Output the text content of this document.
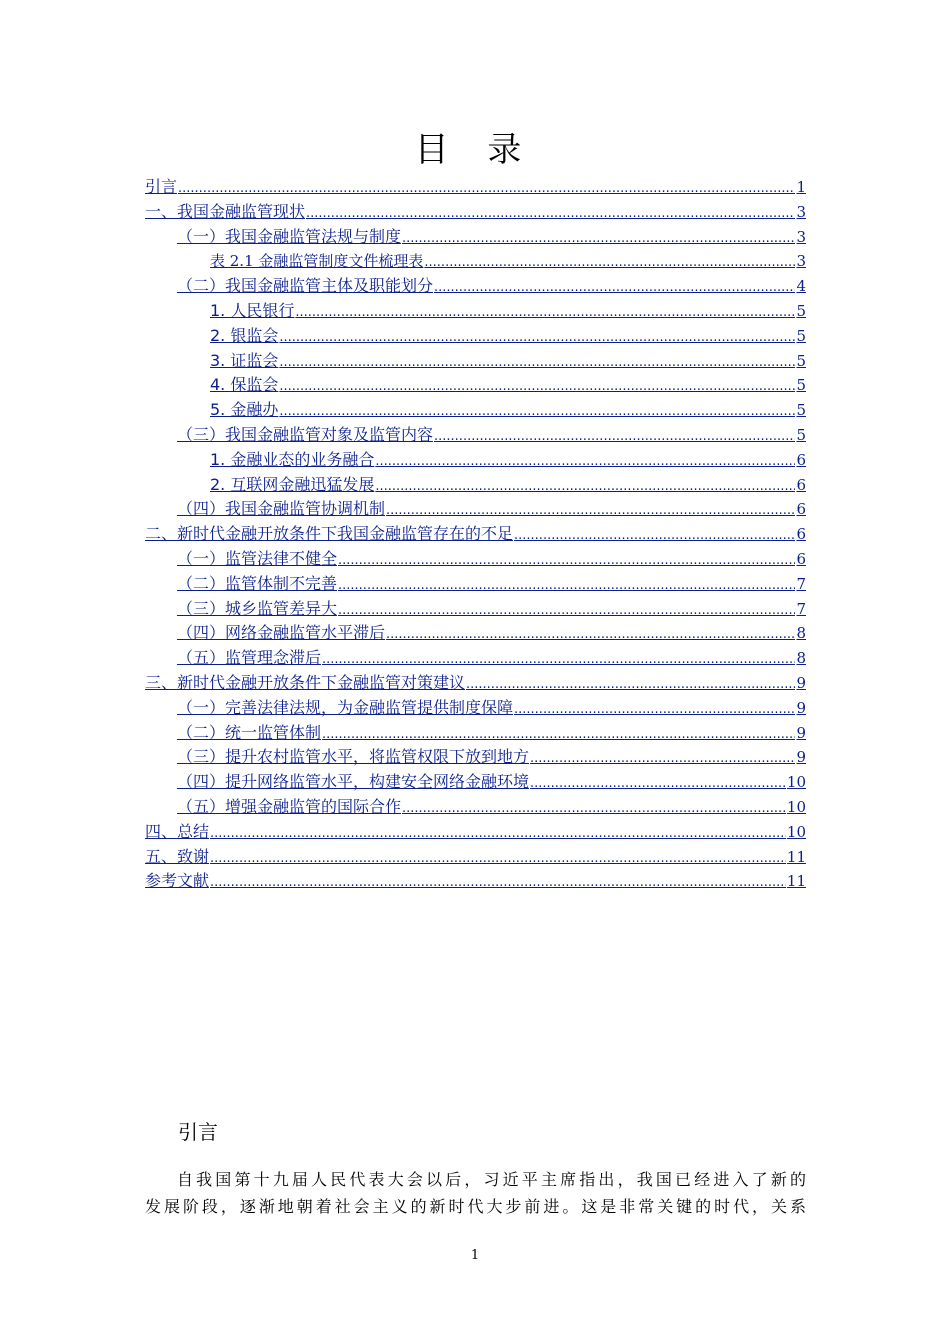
目 录
引言 .....	1
一、我国金融监管现状 .....	3
（一）我国金融监管法规与制度 .....	3
表 2.1 金融监管制度文件梳理表 .....	3
（二）我国金融监管主体及职能划分 .....	4
1. 人民银行 .....	5
2. 银监会 .....	5
3. 证监会 .....	5
4. 保监会 .....	5
5. 金融办 .....	5
（三）我国金融监管对象及监管内容 .....	5
1. 金融业态的业务融合 .....	6
2. 互联网金融迅猛发展 .....	6
（四）我国金融监管协调机制 .....	6
二、新时代金融开放条件下我国金融监管存在的不足 .....	6
（一）监管法律不健全 .....	6
（二）监管体制不完善 .....	7
（三）城乡监管差异大 .....	7
（四）网络金融监管水平滞后 .....	8
（五）监管理念滞后 .....	8
三、新时代金融开放条件下金融监管对策建议 .....	9
（一）完善法律法规，为金融监管提供制度保障 .....	9
（二）统一监管体制 .....	9
（三）提升农村监管水平，将监管权限下放到地方 .....	9
（四）提升网络监管水平，构建安全网络金融环境 .....	10
（五）增强金融监管的国际合作 .....	10
四、总结 .....	10
五、致谢 .....	11
参考文献 .....	11
引言
自我国第十九届人民代表大会以后，习近平主席指出，我国已经进入了新的
发展阶段，逐渐地朝着社会主义的新时代大步前进。这是非常关键的时代，关系
1
